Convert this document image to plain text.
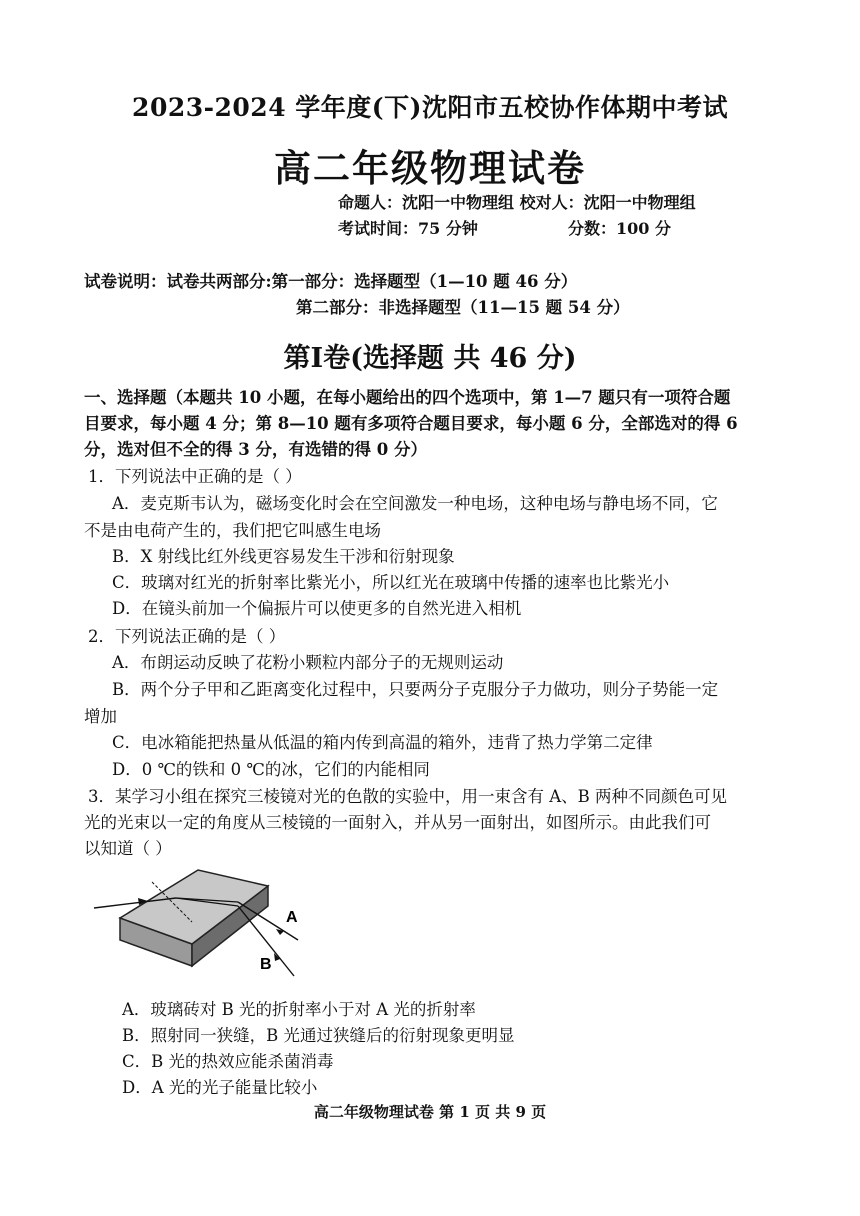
2023-2024 学年度(下)沈阳市五校协作体期中考试
高二年级物理试卷
命题人：沈阳一中物理组 校对人：沈阳一中物理组
考试时间：75 分钟	分数：100 分
试卷说明：试卷共两部分:第一部分：选择题型（1—10 题 46 分）
第二部分：非选择题型（11—15 题 54 分）
第Ⅰ卷(选择题 共 46 分)
一、选择题（本题共 10 小题，在每小题给出的四个选项中，第 1—7 题只有一项符合题
目要求，每小题 4 分；第 8—10 题有多项符合题目要求，每小题 6 分，全部选对的得 6
分，选对但不全的得 3 分，有选错的得 0 分）
1．下列说法中正确的是（ ）
A．麦克斯韦认为，磁场变化时会在空间激发一种电场，这种电场与静电场不同，它
不是由电荷产生的，我们把它叫感生电场
B．X 射线比红外线更容易发生干涉和衍射现象
C．玻璃对红光的折射率比紫光小，所以红光在玻璃中传播的速率也比紫光小
D．在镜头前加一个偏振片可以使更多的自然光进入相机
2．下列说法正确的是（ ）
A．布朗运动反映了花粉小颗粒内部分子的无规则运动
B．两个分子甲和乙距离变化过程中，只要两分子克服分子力做功，则分子势能一定
增加
C．电冰箱能把热量从低温的箱内传到高温的箱外，违背了热力学第二定律
D．0 ℃的铁和 0 ℃的冰，它们的内能相同
3．某学习小组在探究三棱镜对光的色散的实验中，用一束含有 A、B 两种不同颜色可见
光的光束以一定的角度从三棱镜的一面射入，并从另一面射出，如图所示。由此我们可
以知道（ ）
A
B
A．玻璃砖对 B 光的折射率小于对 A 光的折射率
B．照射同一狭缝，B 光通过狭缝后的衍射现象更明显
C．B 光的热效应能杀菌消毒
D．A 光的光子能量比较小
高二年级物理试卷 第 1 页 共 9 页
